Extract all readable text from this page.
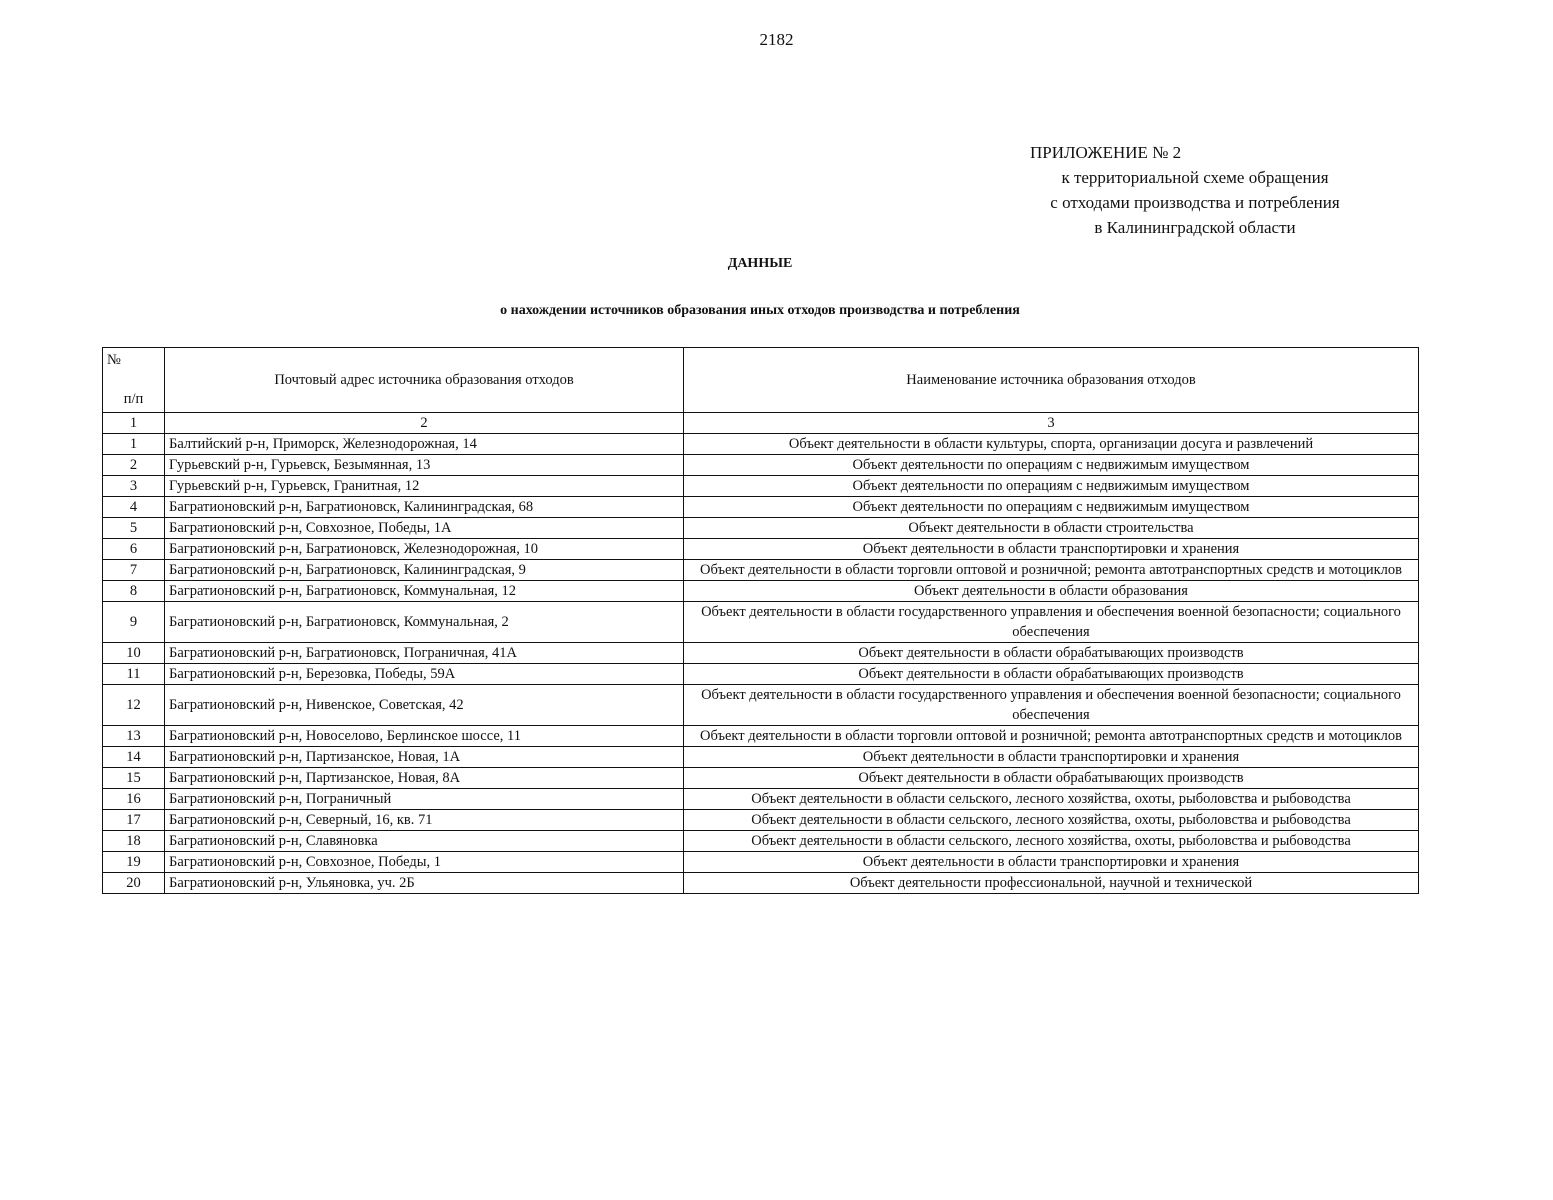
2182
ПРИЛОЖЕНИЕ № 2
к территориальной схеме обращения
с отходами производства и потребления
в Калининградской области
ДАННЫЕ
о нахождении источников образования иных отходов производства и потребления
№
п/п	Почтовый адрес источника образования отходов	Наименование источника образования отходов
1	2	3
1	Балтийский р-н, Приморск, Железнодорожная, 14	Объект деятельности в области культуры, спорта, организации досуга и развлечений
2	Гурьевский р-н, Гурьевск, Безымянная, 13	Объект деятельности по операциям с недвижимым имуществом
3	Гурьевский р-н, Гурьевск, Гранитная, 12	Объект деятельности по операциям с недвижимым имуществом
4	Багратионовский р-н, Багратионовск, Калининградская, 68	Объект деятельности по операциям с недвижимым имуществом
5	Багратионовский р-н, Совхозное, Победы, 1А	Объект деятельности в области строительства
6	Багратионовский р-н, Багратионовск, Железнодорожная, 10	Объект деятельности в области транспортировки и хранения
7	Багратионовский р-н, Багратионовск, Калининградская, 9	Объект деятельности в области торговли оптовой и розничной; ремонта автотранспортных средств и мотоциклов
8	Багратионовский р-н, Багратионовск, Коммунальная, 12	Объект деятельности в области образования
9	Багратионовский р-н, Багратионовск, Коммунальная, 2	Объект деятельности в области государственного управления и обеспечения военной безопасности; социального обеспечения
10	Багратионовский р-н, Багратионовск, Пограничная, 41А	Объект деятельности в области обрабатывающих производств
11	Багратионовский р-н, Березовка, Победы, 59А	Объект деятельности в области обрабатывающих производств
12	Багратионовский р-н, Нивенское, Советская, 42	Объект деятельности в области государственного управления и обеспечения военной безопасности; социального обеспечения
13	Багратионовский р-н, Новоселово, Берлинское шоссе, 11	Объект деятельности в области торговли оптовой и розничной; ремонта автотранспортных средств и мотоциклов
14	Багратионовский р-н, Партизанское, Новая, 1А	Объект деятельности в области транспортировки и хранения
15	Багратионовский р-н, Партизанское, Новая, 8А	Объект деятельности в области обрабатывающих производств
16	Багратионовский р-н, Пограничный	Объект деятельности в области сельского, лесного хозяйства, охоты, рыболовства и рыбоводства
17	Багратионовский р-н, Северный, 16, кв. 71	Объект деятельности в области сельского, лесного хозяйства, охоты, рыболовства и рыбоводства
18	Багратионовский р-н, Славяновка	Объект деятельности в области сельского, лесного хозяйства, охоты, рыболовства и рыбоводства
19	Багратионовский р-н, Совхозное, Победы, 1	Объект деятельности в области транспортировки и хранения
20	Багратионовский р-н, Ульяновка, уч. 2Б	Объект деятельности профессиональной, научной и технической
